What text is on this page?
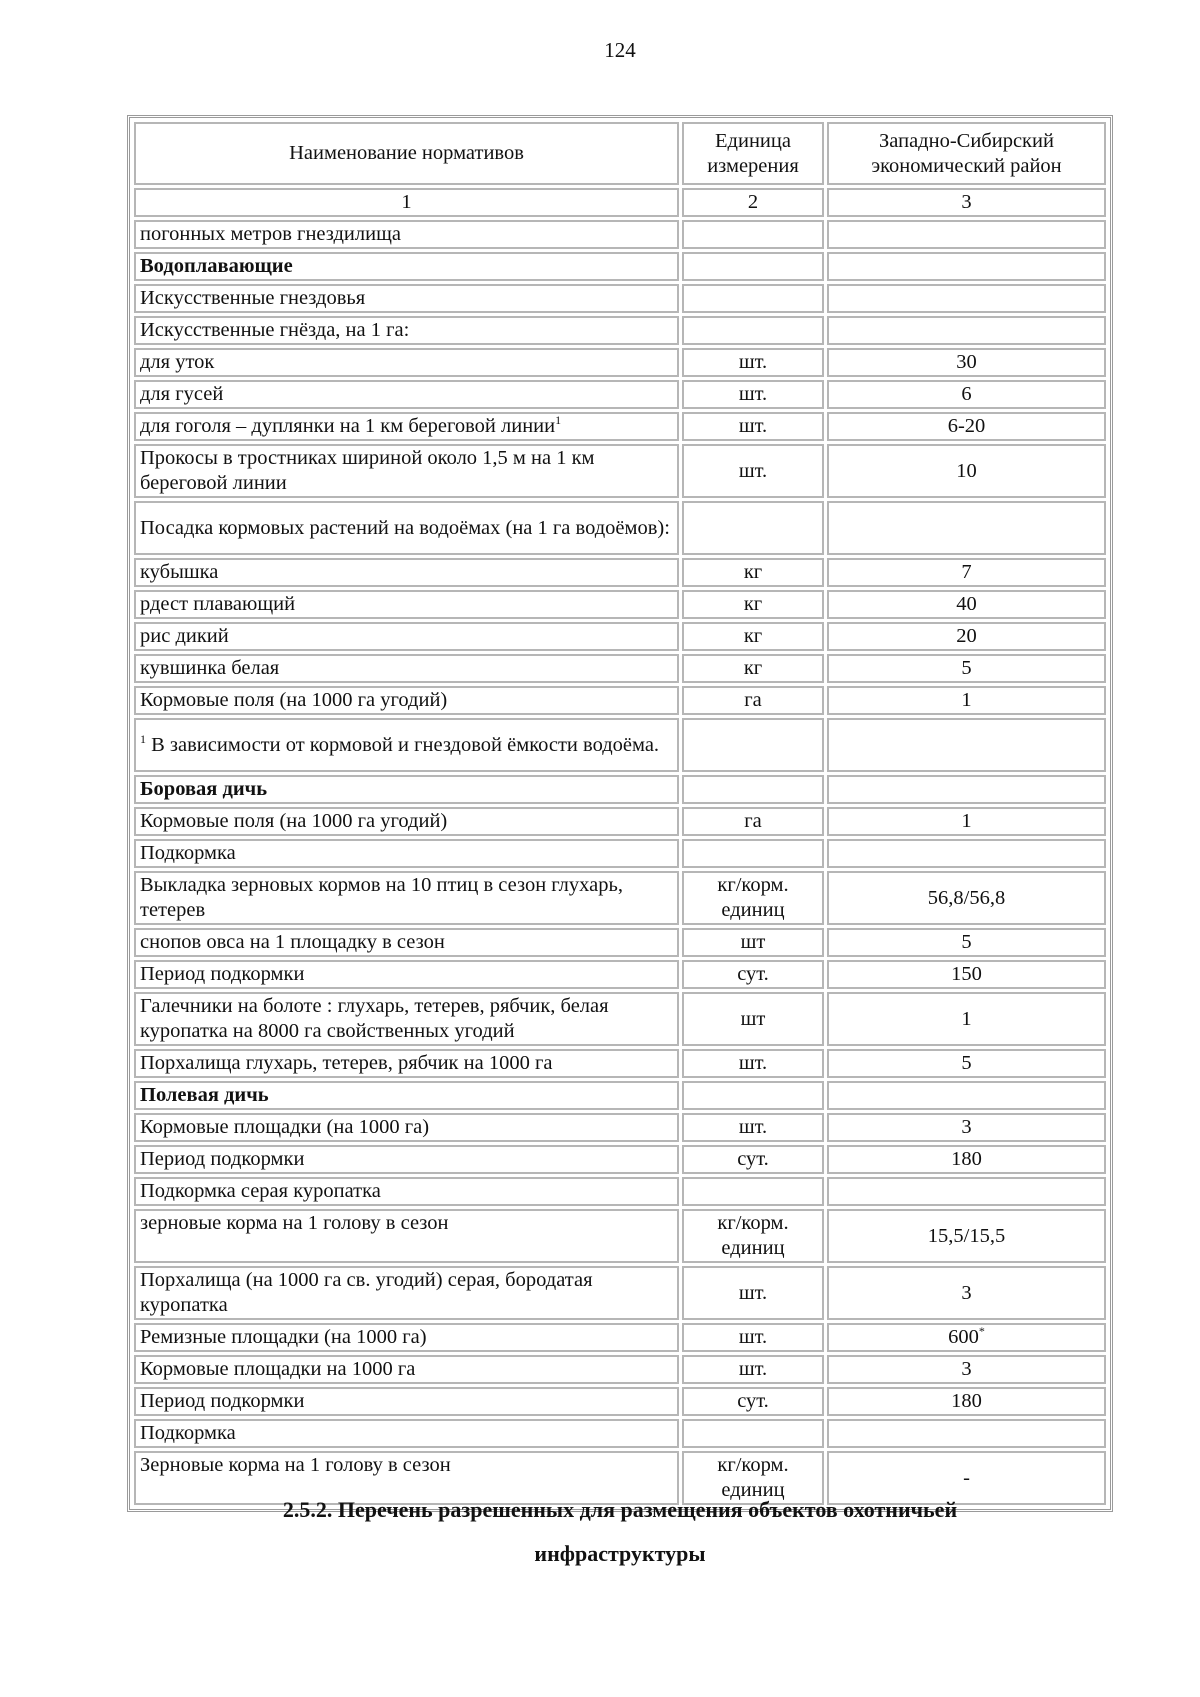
124
Наименование нормативов	Единица измерения	Западно-Сибирский экономический район
1	2	3
погонных метров гнездилища		
Водоплавающие		
Искусственные гнездовья		
Искусственные гнёзда, на 1 га:		
для уток	шт.	30
для гусей	шт.	6
для гоголя – дуплянки на 1 км береговой линии$^1$	шт.	6-20
Прокосы в тростниках шириной около 1,5 м на 1 км береговой линии	шт.	10
Посадка кормовых растений на водоёмах (на 1 га водоёмов):		
кубышка	кг	7
рдест плавающий	кг	40
рис дикий	кг	20
кувшинка белая	кг	5
Кормовые поля (на 1000 га угодий)	га	1
$^1$ В зависимости от кормовой и гнездовой ёмкости водоёма.		
Боровая дичь		
Кормовые поля (на 1000 га угодий)	га	1
Подкормка		
Выкладка зерновых кормов на 10 птиц в сезон глухарь, тетерев	кг/корм. единиц	56,8/56,8
снопов овса на 1 площадку в сезон	шт	5
Период подкормки	сут.	150
Галечники на болоте : глухарь, тетерев, рябчик, белая куропатка на 8000 га свойственных угодий	шт	1
Порхалища глухарь, тетерев, рябчик на 1000 га	шт.	5
Полевая дичь		
Кормовые площадки (на 1000 га)	шт.	3
Период подкормки	сут.	180
Подкормка серая куропатка		
зерновые корма на 1 голову в сезон	кг/корм. единиц	15,5/15,5
Порхалища (на 1000 га св. угодий) серая, бородатая куропатка	шт.	3
Ремизные площадки (на 1000 га)	шт.	600*
Кормовые площадки на 1000 га	шт.	3
Период подкормки	сут.	180
Подкормка		
Зерновые корма на 1 голову в сезон	кг/корм. единиц	-
2.5.2. Перечень разрешенных для размещения объектов охотничьей
инфраструктуры
